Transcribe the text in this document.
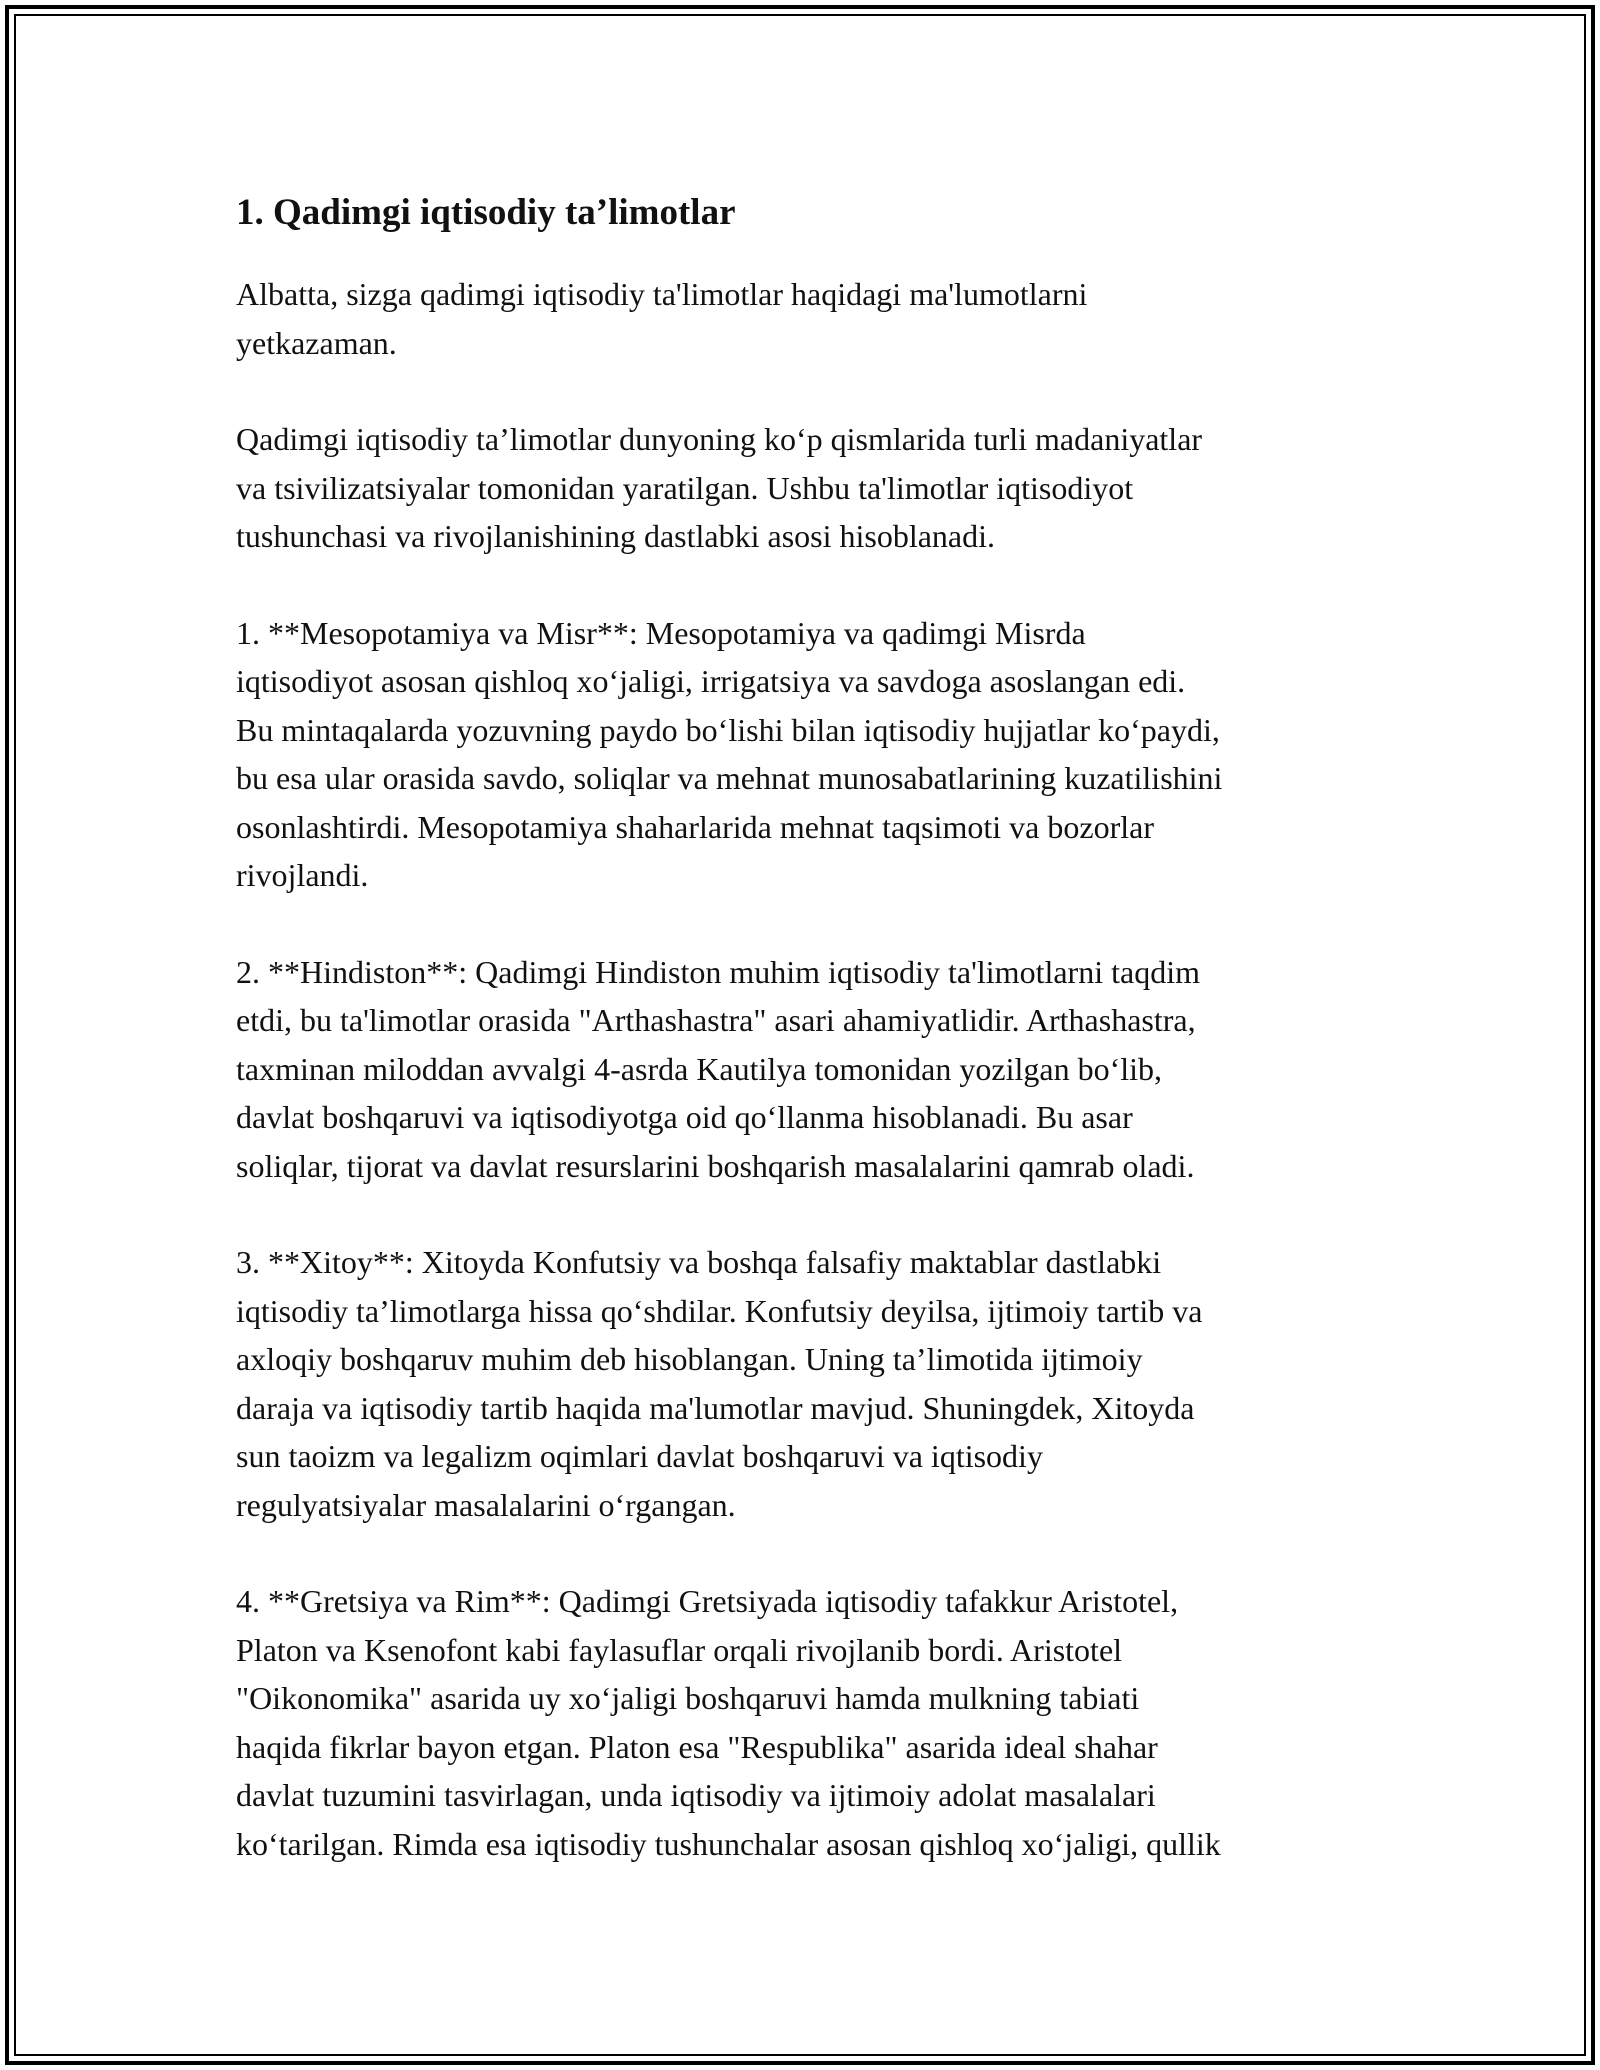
1. Qadimgi iqtisodiy ta’limotlar

Albatta, sizga qadimgi iqtisodiy ta'limotlar haqidagi ma'lumotlarni
yetkazaman.

Qadimgi iqtisodiy ta’limotlar dunyoning ko‘p qismlarida turli madaniyatlar
va tsivilizatsiyalar tomonidan yaratilgan. Ushbu ta'limotlar iqtisodiyot
tushunchasi va rivojlanishining dastlabki asosi hisoblanadi.

1. **Mesopotamiya va Misr**: Mesopotamiya va qadimgi Misrda
iqtisodiyot asosan qishloq xo‘jaligi, irrigatsiya va savdoga asoslangan edi.
Bu mintaqalarda yozuvning paydo bo‘lishi bilan iqtisodiy hujjatlar ko‘paydi,
bu esa ular orasida savdo, soliqlar va mehnat munosabatlarining kuzatilishini
osonlashtirdi. Mesopotamiya shaharlarida mehnat taqsimoti va bozorlar
rivojlandi.

2. **Hindiston**: Qadimgi Hindiston muhim iqtisodiy ta'limotlarni taqdim
etdi, bu ta'limotlar orasida "Arthashastra" asari ahamiyatlidir. Arthashastra,
taxminan miloddan avvalgi 4-asrda Kautilya tomonidan yozilgan bo‘lib,
davlat boshqaruvi va iqtisodiyotga oid qo‘llanma hisoblanadi. Bu asar
soliqlar, tijorat va davlat resurslarini boshqarish masalalarini qamrab oladi.

3. **Xitoy**: Xitoyda Konfutsiy va boshqa falsafiy maktablar dastlabki
iqtisodiy ta’limotlarga hissa qo‘shdilar. Konfutsiy deyilsa, ijtimoiy tartib va
axloqiy boshqaruv muhim deb hisoblangan. Uning ta’limotida ijtimoiy
daraja va iqtisodiy tartib haqida ma'lumotlar mavjud. Shuningdek, Xitoyda
sun taoizm va legalizm oqimlari davlat boshqaruvi va iqtisodiy
regulyatsiyalar masalalarini o‘rgangan.

4. **Gretsiya va Rim**: Qadimgi Gretsiyada iqtisodiy tafakkur Aristotel,
Platon va Ksenofont kabi faylasuflar orqali rivojlanib bordi. Aristotel
"Oikonomika" asarida uy xo‘jaligi boshqaruvi hamda mulkning tabiati
haqida fikrlar bayon etgan. Platon esa "Respublika" asarida ideal shahar
davlat tuzumini tasvirlagan, unda iqtisodiy va ijtimoiy adolat masalalari
ko‘tarilgan. Rimda esa iqtisodiy tushunchalar asosan qishloq xo‘jaligi, qullik
